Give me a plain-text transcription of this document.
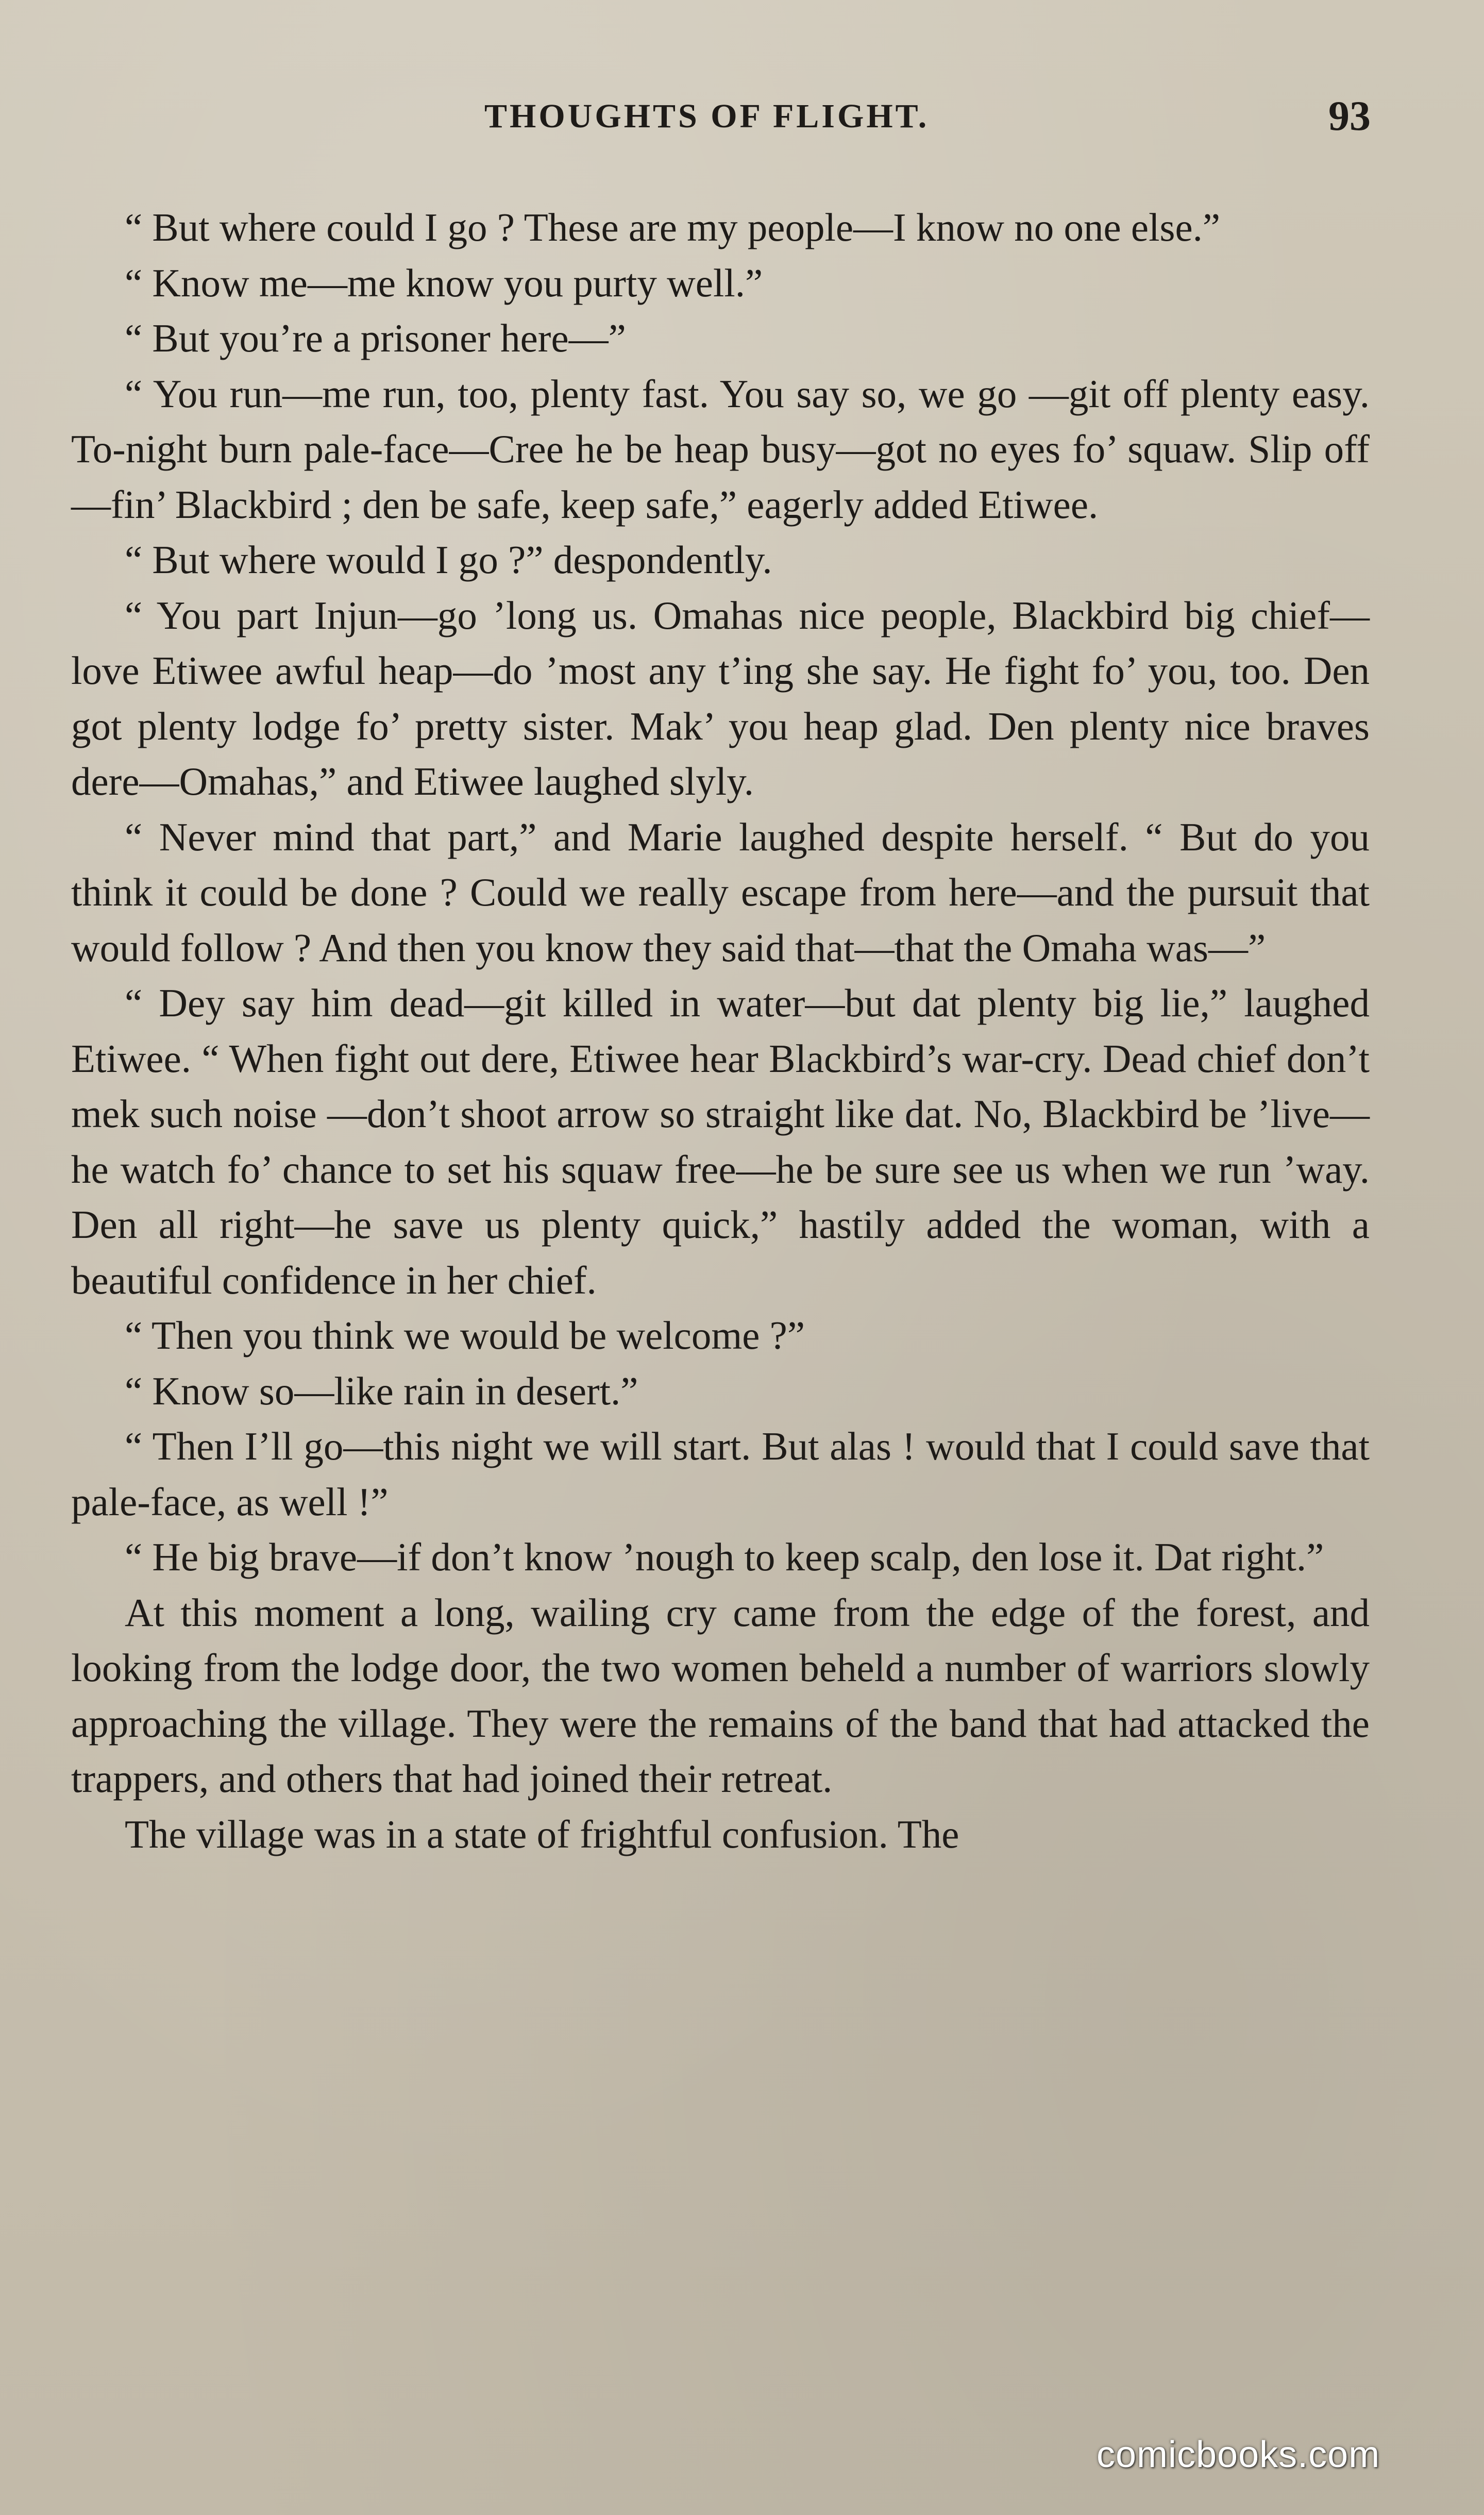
THOUGHTS OF FLIGHT.	93

“ But where could I go ? These are my people—I know no one else.”

“ Know me—me know you purty well.”

“ But you’re a prisoner here—”

“ You run—me run, too, plenty fast. You say so, we go —git off plenty easy. To-night burn pale-face—Cree he be heap busy—got no eyes fo’ squaw. Slip off—fin’ Blackbird ; den be safe, keep safe,” eagerly added Etiwee.

“ But where would I go ?” despondently.

“ You part Injun—go ’long us. Omahas nice people, Blackbird big chief—love Etiwee awful heap—do ’most any t’ing she say. He fight fo’ you, too. Den got plenty lodge fo’ pretty sister. Mak’ you heap glad. Den plenty nice braves dere—Omahas,” and Etiwee laughed slyly.

“ Never mind that part,” and Marie laughed despite herself. “ But do you think it could be done ? Could we really escape from here—and the pursuit that would follow ? And then you know they said that—that the Omaha was—”

“ Dey say him dead—git killed in water—but dat plenty big lie,” laughed Etiwee. “ When fight out dere, Etiwee hear Blackbird’s war-cry. Dead chief don’t mek such noise —don’t shoot arrow so straight like dat. No, Blackbird be ’live—he watch fo’ chance to set his squaw free—he be sure see us when we run ’way. Den all right—he save us plenty quick,” hastily added the woman, with a beautiful confidence in her chief.

“ Then you think we would be welcome ?”

“ Know so—like rain in desert.”

“ Then I’ll go—this night we will start. But alas ! would that I could save that pale-face, as well !”

“ He big brave—if don’t know ’nough to keep scalp, den lose it. Dat right.”

At this moment a long, wailing cry came from the edge of the forest, and looking from the lodge door, the two women beheld a number of warriors slowly approaching the village. They were the remains of the band that had attacked the trappers, and others that had joined their retreat.

The village was in a state of frightful confusion. The

comicbooks.com
